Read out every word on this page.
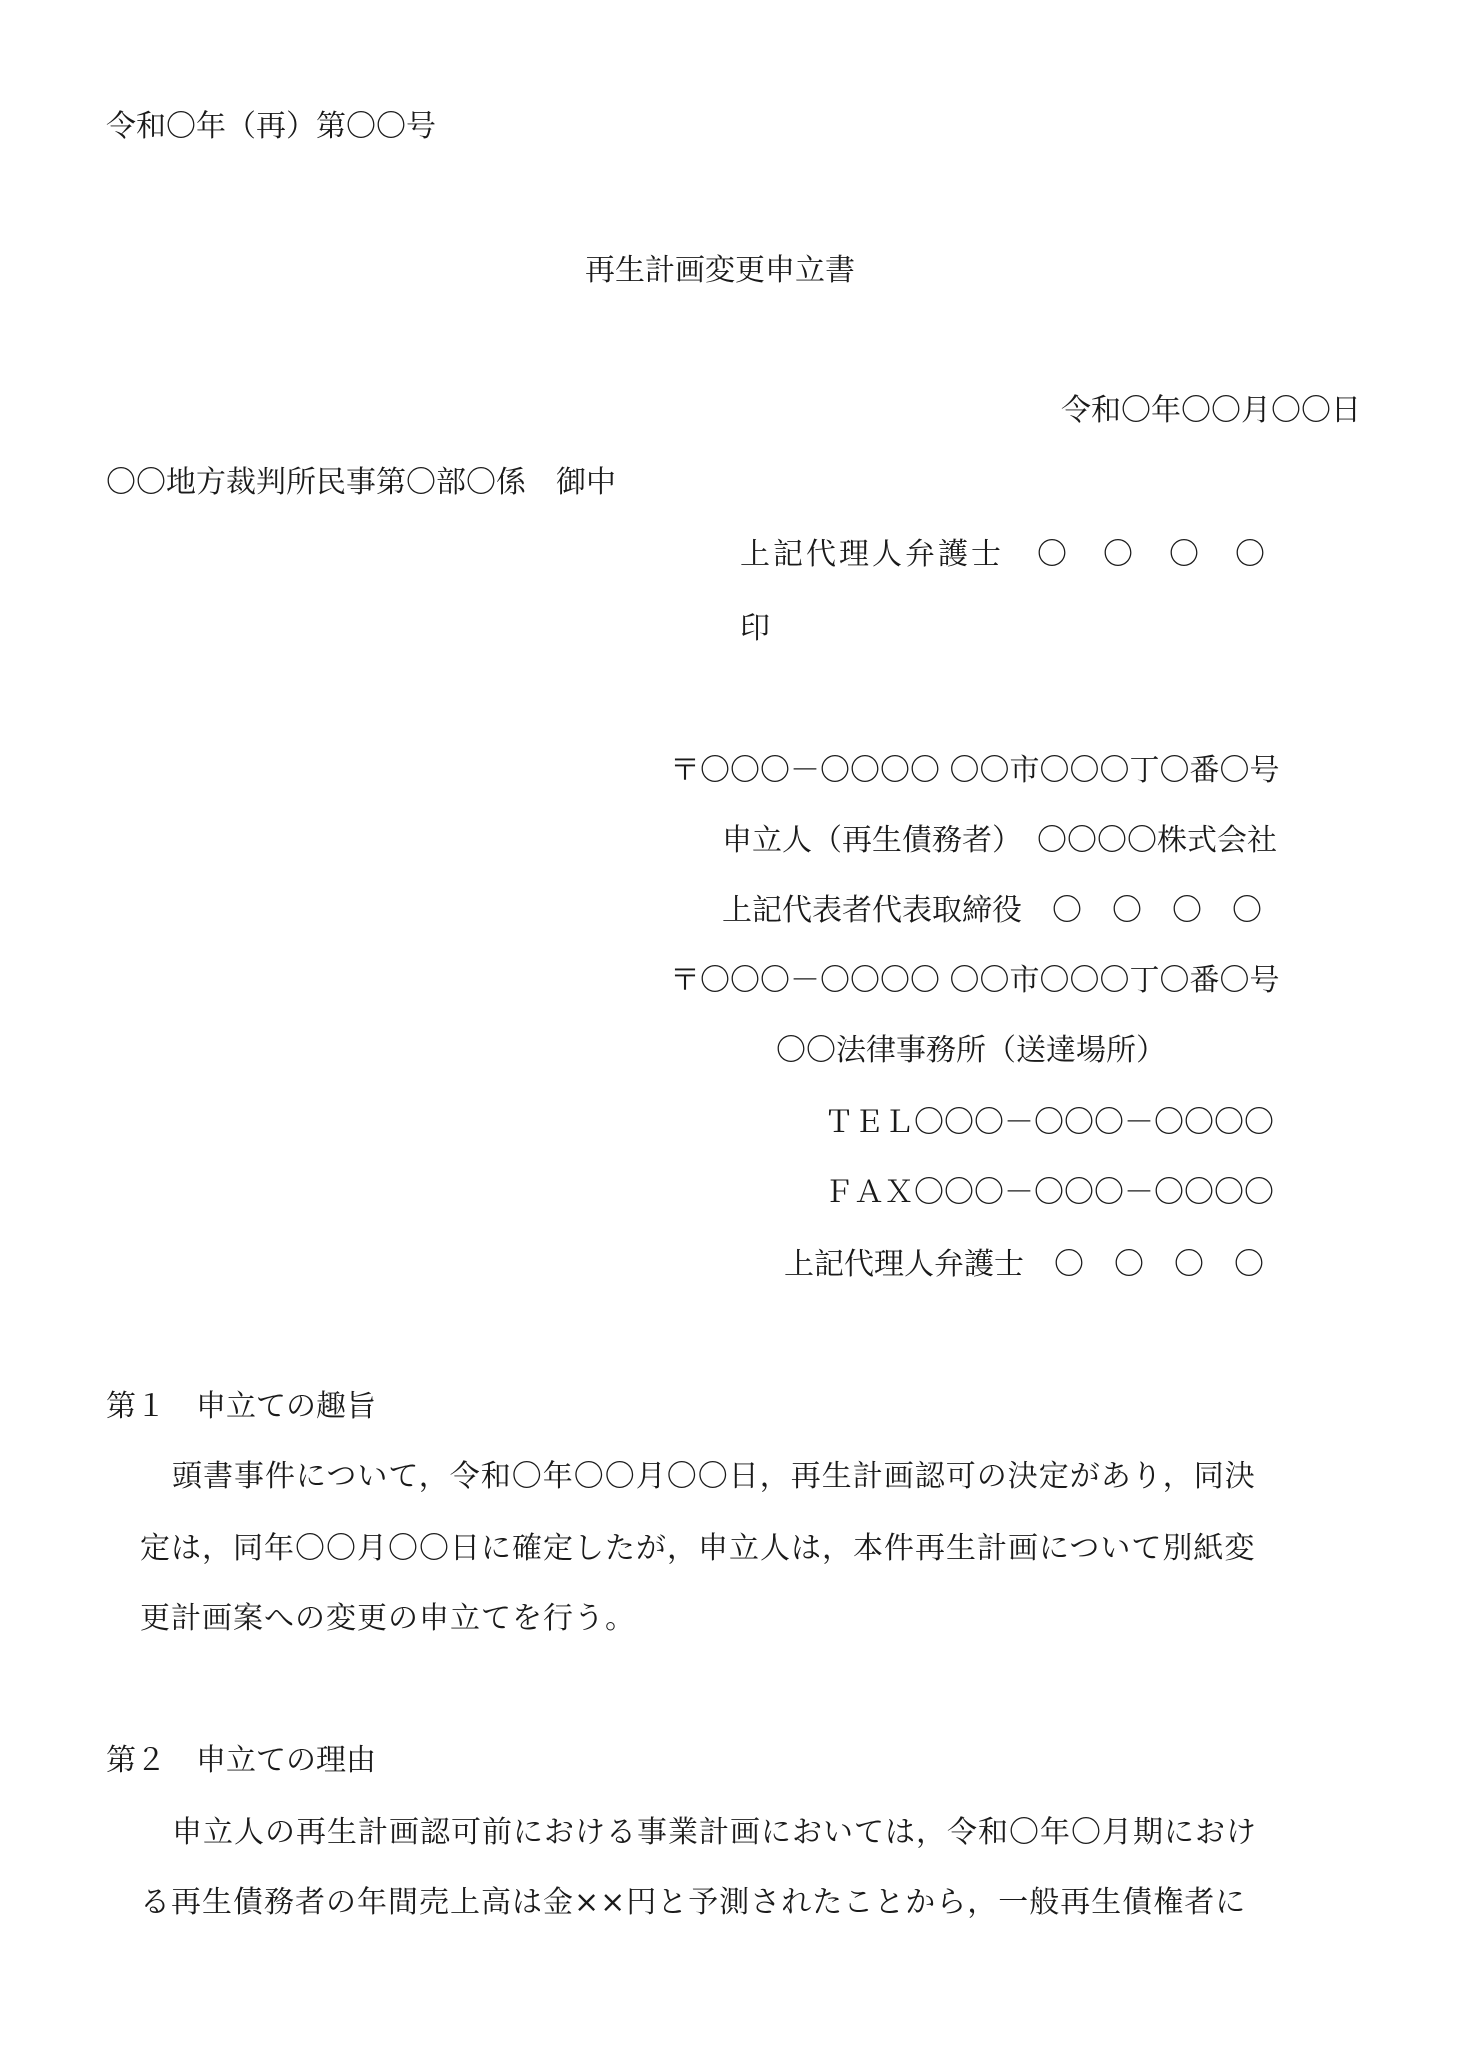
令和〇年（再）第〇〇号
再生計画変更申立書
令和〇年〇〇月〇〇日
〇〇地方裁判所民事第〇部〇係　御中
上記代理人弁護士　〇　〇　〇　〇
印
〒〇〇〇－〇〇〇〇 〇〇市〇〇〇丁〇番〇号
申立人（再生債務者）　〇〇〇〇株式会社
上記代表者代表取締役　〇　〇　〇　〇
〒〇〇〇－〇〇〇〇 〇〇市〇〇〇丁〇番〇号
〇〇法律事務所（送達場所）
ＴＥＬ〇〇〇－〇〇〇－〇〇〇〇
ＦＡＸ〇〇〇－〇〇〇－〇〇〇〇
上記代理人弁護士　〇　〇　〇　〇
第１　申立ての趣旨
頭書事件について，令和〇年〇〇月〇〇日，再生計画認可の決定があり，同決
定は，同年〇〇月〇〇日に確定したが，申立人は，本件再生計画について別紙変
更計画案への変更の申立てを行う。
第２　申立ての理由
申立人の再生計画認可前における事業計画においては，令和〇年〇月期におけ
る再生債務者の年間売上高は金××円と予測されたことから，一般再生債権者に
